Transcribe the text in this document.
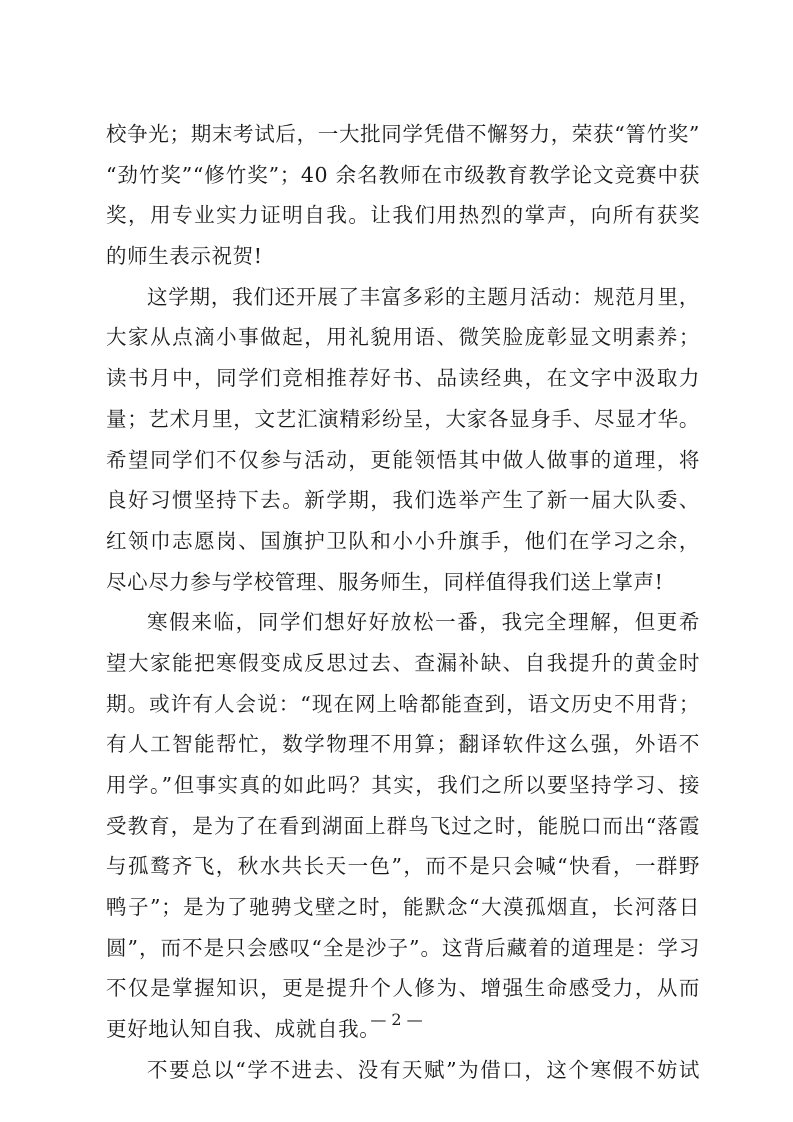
校争光；期末考试后，一大批同学凭借不懈努力，荣获“箐竹奖”
“劲竹奖”“修竹奖”；40 余名教师在市级教育教学论文竞赛中获
奖，用专业实力证明自我。让我们用热烈的掌声，向所有获奖
的师生表示祝贺!
这学期，我们还开展了丰富多彩的主题月活动：规范月里，
大家从点滴小事做起，用礼貌用语、微笑脸庞彰显文明素养；
读书月中，同学们竞相推荐好书、品读经典，在文字中汲取力
量；艺术月里，文艺汇演精彩纷呈，大家各显身手、尽显才华。
希望同学们不仅参与活动，更能领悟其中做人做事的道理，将
良好习惯坚持下去。新学期，我们选举产生了新一届大队委、
红领巾志愿岗、国旗护卫队和小小升旗手，他们在学习之余，
尽心尽力参与学校管理、服务师生，同样值得我们送上掌声!
寒假来临，同学们想好好放松一番，我完全理解，但更希
望大家能把寒假变成反思过去、查漏补缺、自我提升的黄金时
期。或许有人会说：“现在网上啥都能查到，语文历史不用背；
有人工智能帮忙，数学物理不用算；翻译软件这么强，外语不
用学。”但事实真的如此吗？其实，我们之所以要坚持学习、接
受教育，是为了在看到湖面上群鸟飞过之时，能脱口而出“落霞
与孤鹜齐飞，秋水共长天一色”，而不是只会喊“快看，一群野
鸭子”；是为了驰骋戈壁之时，能默念“大漠孤烟直，长河落日
圆”，而不是只会感叹“全是沙子”。这背后藏着的道理是：学习
不仅是掌握知识，更是提升个人修为、增强生命感受力，从而
更好地认知自我、成就自我。
不要总以“学不进去、没有天赋”为借口，这个寒假不妨试
— 2 —
